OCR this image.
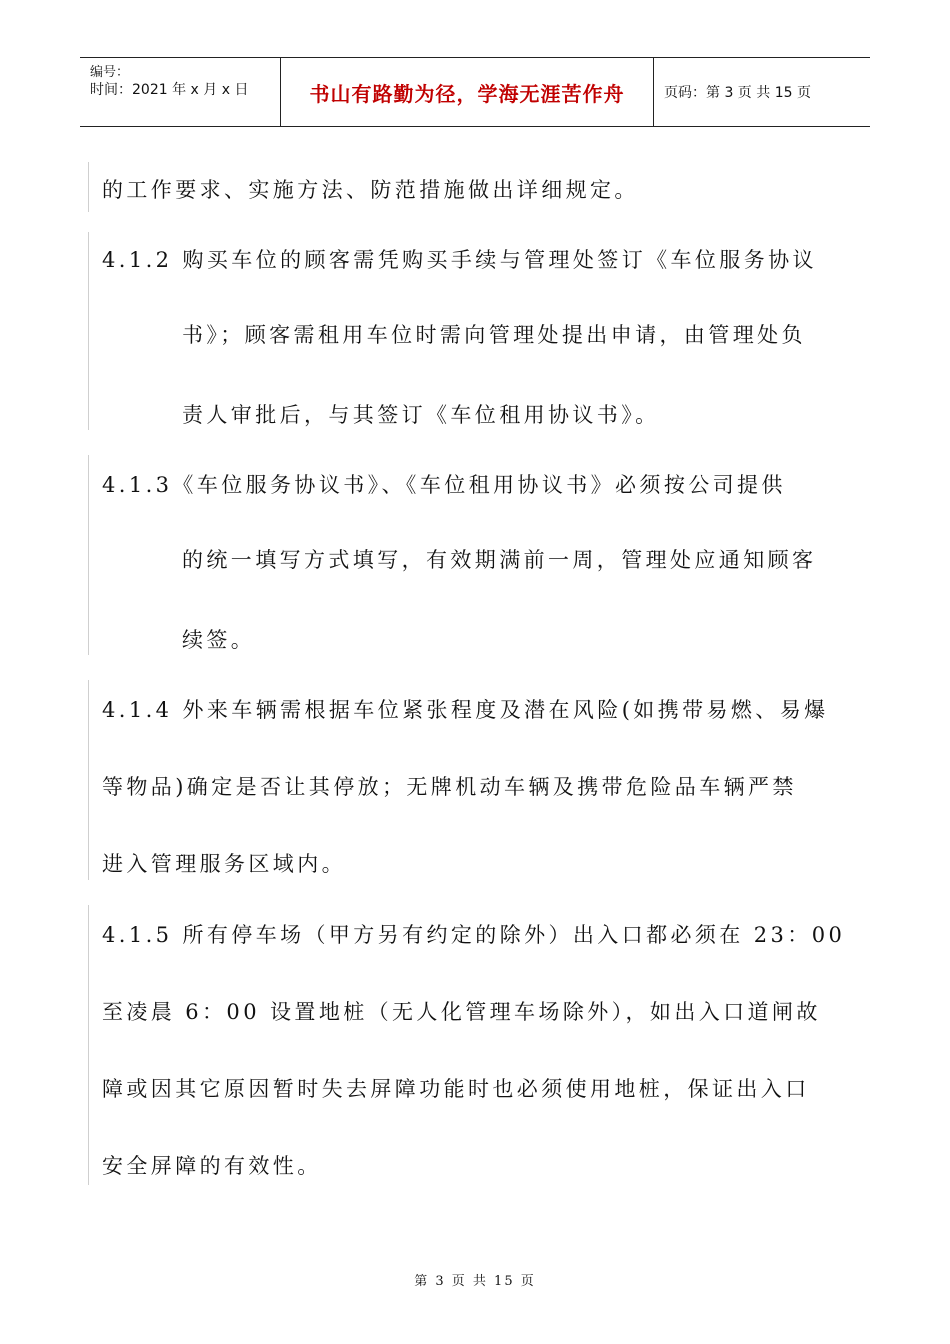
编号：
时间：2021 年 x 月 x 日	书山有路勤为径，学海无涯苦作舟	页码：第 3 页 共 15 页
的工作要求、实施方法、防范措施做出详细规定。
4.1.2 购买车位的顾客需凭购买手续与管理处签订《车位服务协议
书》；顾客需租用车位时需向管理处提出申请，由管理处负
责人审批后，与其签订《车位租用协议书》。
4.1.3《车位服务协议书》、《车位租用协议书》必须按公司提供
的统一填写方式填写，有效期满前一周，管理处应通知顾客
续签。
4.1.4 外来车辆需根据车位紧张程度及潜在风险(如携带易燃、易爆
等物品)确定是否让其停放；无牌机动车辆及携带危险品车辆严禁
进入管理服务区域内。
4.1.5 所有停车场（甲方另有约定的除外）出入口都必须在 23：00
至凌晨 6：00 设置地桩（无人化管理车场除外），如出入口道闸故
障或因其它原因暂时失去屏障功能时也必须使用地桩，保证出入口
安全屏障的有效性。
第 3 页 共 15 页
